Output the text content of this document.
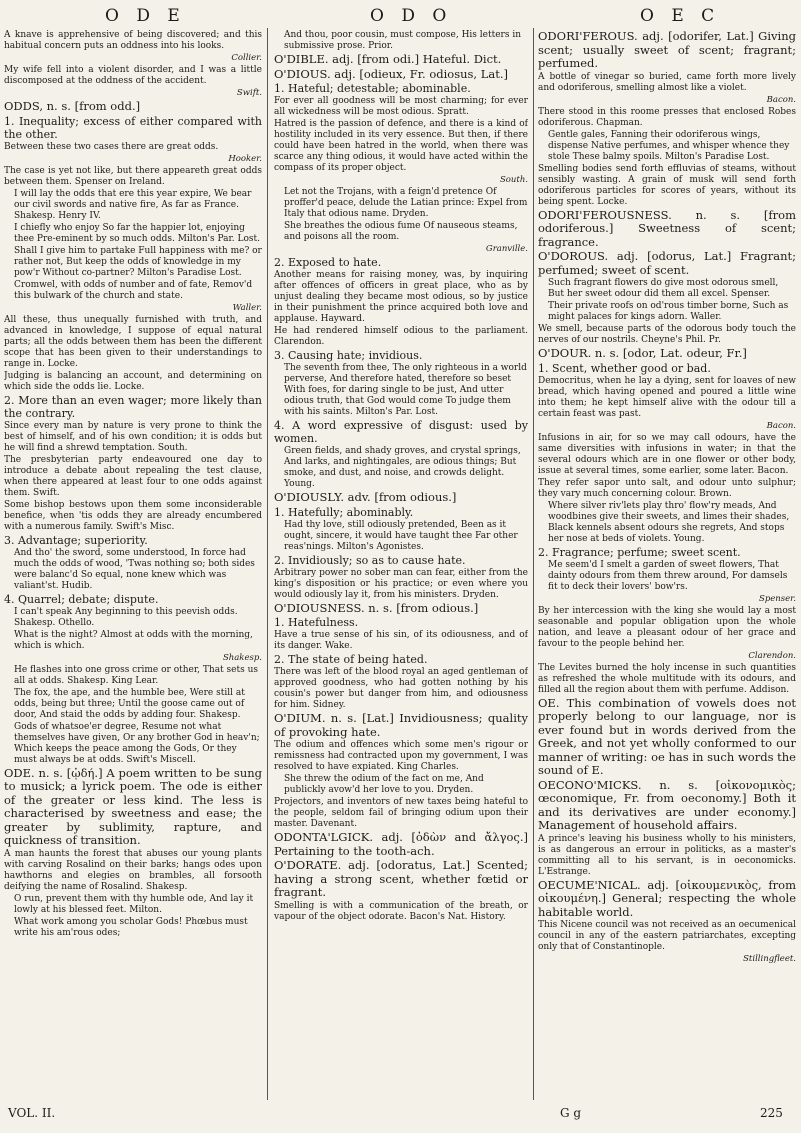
O D E	O D O	O E C

A knave is apprehensive of being discovered; and this habitual concern puts an oddness into his looks.

Collier.

My wife fell into a violent disorder, and I was a little discomposed at the oddness of the accident.

Swift.

ODDS, n. s. [from odd.]

1. Inequality; excess of either compared with the other.

Between these two cases there are great odds.

Hooker.

The case is yet not like, but there appeareth great odds between them. Spenser on Ireland.

I will lay the odds that ere this year expire, We bear our civil swords and native fire, As far as France. Shakesp. Henry IV.

I chiefly who enjoy So far the happier lot, enjoying thee Pre-eminent by so much odds. Milton's Par. Lost.

Shall I give him to partake Full happiness with me? or rather not, But keep the odds of knowledge in my pow'r Without co-partner? Milton's Paradise Lost.

Cromwel, with odds of number and of fate, Remov'd this bulwark of the church and state.

Waller.

All these, thus unequally furnished with truth, and advanced in knowledge, I suppose of equal natural parts; all the odds between them has been the different scope that has been given to their understandings to range in. Locke.

Judging is balancing an account, and determining on which side the odds lie. Locke.

2. More than an even wager; more likely than the contrary.

Since every man by nature is very prone to think the best of himself, and of his own condition; it is odds but he will find a shrewd temptation. South.

The presbyterian party endeavoured one day to introduce a debate about repealing the test clause, when there appeared at least four to one odds against them. Swift.

Some bishop bestows upon them some inconsiderable benefice, when 'tis odds they are already encumbered with a numerous family. Swift's Misc.

3. Advantage; superiority.

And tho' the sword, some understood, In force had much the odds of wood, 'Twas nothing so; both sides were balanc'd So equal, none knew which was valiant'st. Hudib.

4. Quarrel; debate; dispute.

I can't speak Any beginning to this peevish odds. Shakesp. Othello.

What is the night? Almost at odds with the morning, which is which.

Shakesp.

He flashes into one gross crime or other, That sets us all at odds. Shakesp. King Lear.

The fox, the ape, and the humble bee, Were still at odds, being but three; Until the goose came out of door, And staid the odds by adding four. Shakesp.

Gods of whatsoe'er degree, Resume not what themselves have given, Or any brother God in heav'n; Which keeps the peace among the Gods, Or they must always be at odds. Swift's Miscell.

ODE. n. s. [ᾠδή.] A poem written to be sung to musick; a lyrick poem. The ode is either of the greater or less kind. The less is characterised by sweetness and ease; the greater by sublimity, rapture, and quickness of transition.

A man haunts the forest that abuses our young plants with carving Rosalind on their barks; hangs odes upon hawthorns and elegies on brambles, all forsooth deifying the name of Rosalind. Shakesp.

O run, prevent them with thy humble ode, And lay it lowly at his blessed feet. Milton.

What work among you scholar Gods! Phœbus must write his am'rous odes;

And thou, poor cousin, must compose, His letters in submissive prose. Prior.

O'DIBLE. adj. [from odi.] Hateful. Dict.

O'DIOUS. adj. [odieux, Fr. odiosus, Lat.]

1. Hateful; detestable; abominable.

For ever all goodness will be most charming; for ever all wickedness will be most odious. Spratt.

Hatred is the passion of defence, and there is a kind of hostility included in its very essence. But then, if there could have been hatred in the world, when there was scarce any thing odious, it would have acted within the compass of its proper object.

South.

Let not the Trojans, with a feign'd pretence Of proffer'd peace, delude the Latian prince: Expel from Italy that odious name. Dryden.

She breathes the odious fume Of nauseous steams, and poisons all the room.

Granville.

2. Exposed to hate.

Another means for raising money, was, by inquiring after offences of officers in great place, who as by unjust dealing they became most odious, so by justice in their punishment the prince acquired both love and applause. Hayward.

He had rendered himself odious to the parliament. Clarendon.

3. Causing hate; invidious.

The seventh from thee, The only righteous in a world perverse, And therefore hated, therefore so beset With foes, for daring single to be just, And utter odious truth, that God would come To judge them with his saints. Milton's Par. Lost.

4. A word expressive of disgust: used by women.

Green fields, and shady groves, and crystal springs, And larks, and nightingales, are odious things; But smoke, and dust, and noise, and crowds delight. Young.

O'DIOUSLY. adv. [from odious.]

1. Hatefully; abominably.

Had thy love, still odiously pretended, Been as it ought, sincere, it would have taught thee Far other reas'nings. Milton's Agonistes.

2. Invidiously; so as to cause hate.

Arbitrary power no sober man can fear, either from the king's disposition or his practice; or even where you would odiously lay it, from his ministers. Dryden.

O'DIOUSNESS. n. s. [from odious.]

1. Hatefulness.

Have a true sense of his sin, of its odiousness, and of its danger. Wake.

2. The state of being hated.

There was left of the blood royal an aged gentleman of approved goodness, who had gotten nothing by his cousin's power but danger from him, and odiousness for him. Sidney.

O'DIUM. n. s. [Lat.] Invidiousness; quality of provoking hate.

The odium and offences which some men's rigour or remissness had contracted upon my government, I was resolved to have expiated. King Charles.

She threw the odium of the fact on me, And publickly avow'd her love to you. Dryden.

Projectors, and inventors of new taxes being hateful to the people, seldom fail of bringing odium upon their master. Davenant.

ODONTA'LGICK. adj. [ὀδὼν and ἄλγος.] Pertaining to the tooth-ach.

O'DORATE. adj. [odoratus, Lat.] Scented; having a strong scent, whether fœtid or fragrant.

Smelling is with a communication of the breath, or vapour of the object odorate. Bacon's Nat. History.

ODORI'FEROUS. adj. [odorifer, Lat.] Giving scent; usually sweet of scent; fragrant; perfumed.

A bottle of vinegar so buried, came forth more lively and odoriferous, smelling almost like a violet.

Bacon.

There stood in this roome presses that enclosed Robes odoriferous. Chapman.

Gentle gales, Fanning their odoriferous wings, dispense Native perfumes, and whisper whence they stole These balmy spoils. Milton's Paradise Lost.

Smelling bodies send forth effluvias of steams, without sensibly wasting. A grain of musk will send forth odoriferous particles for scores of years, without its being spent. Locke.

ODORI'FEROUSNESS. n. s. [from odoriferous.] Sweetness of scent; fragrance.

O'DOROUS. adj. [odorus, Lat.] Fragrant; perfumed; sweet of scent.

Such fragrant flowers do give most odorous smell, But her sweet odour did them all excel. Spenser.

Their private roofs on od'rous timber borne, Such as might palaces for kings adorn. Waller.

We smell, because parts of the odorous body touch the nerves of our nostrils. Cheyne's Phil. Pr.

O'DOUR. n. s. [odor, Lat. odeur, Fr.]

1. Scent, whether good or bad.

Democritus, when he lay a dying, sent for loaves of new bread, which having opened and poured a little wine into them; he kept himself alive with the odour till a certain feast was past.

Bacon.

Infusions in air, for so we may call odours, have the same diversities with infusions in water; in that the several odours which are in one flower or other body, issue at several times, some earlier, some later. Bacon.

They refer sapor unto salt, and odour unto sulphur; they vary much concerning colour. Brown.

Where silver riv'lets play thro' flow'ry meads, And woodbines give their sweets, and limes their shades, Black kennels absent odours she regrets, And stops her nose at beds of violets. Young.

2. Fragrance; perfume; sweet scent.

Me seem'd I smelt a garden of sweet flowers, That dainty odours from them threw around, For damsels fit to deck their lovers' bow'rs.

Spenser.

By her intercession with the king she would lay a most seasonable and popular obligation upon the whole nation, and leave a pleasant odour of her grace and favour to the people behind her.

Clarendon.

The Levites burned the holy incense in such quantities as refreshed the whole multitude with its odours, and filled all the region about them with perfume. Addison.

OE. This combination of vowels does not properly belong to our language, nor is ever found but in words derived from the Greek, and not yet wholly conformed to our manner of writing: oe has in such words the sound of E.

OECONO'MICKS. n. s. [οἰκονομικὸς; œconomique, Fr. from oeconomy.] Both it and its derivatives are under economy.] Management of household affairs.

A prince's leaving his business wholly to his ministers, is as dangerous an errour in politicks, as a master's committing all to his servant, is in oeconomicks. L'Estrange.

OECUME'NICAL. adj. [οἰκουμενικὸς, from οἰκουμένη.] General; respecting the whole habitable world.

This Nicene council was not received as an oecumenical council in any of the eastern patriarchates, excepting only that of Constantinople.

Stillingfleet.

VOL. II.	G g	225
